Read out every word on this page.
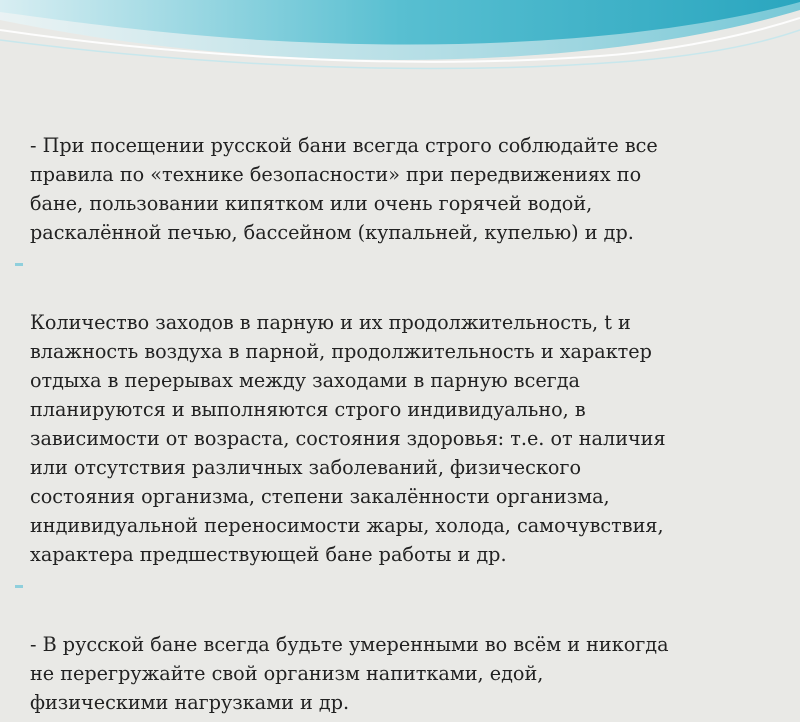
- При посещении русской бани всегда строго соблюдайте все
правила по «технике безопасности» при передвижениях по
бане, пользовании кипятком или очень горячей водой,
раскалённой печью, бассейном (купальней, купелью) и др.

Количество заходов в парную и их продолжительность, t и
влажность воздуха в парной, продолжительность и характер
отдыха в перерывах между заходами в парную всегда
планируются и выполняются строго индивидуально, в
зависимости от возраста, состояния здоровья: т.е. от наличия
или отсутствия различных заболеваний, физического
состояния организма, степени закалённости организма,
индивидуальной переносимости жары, холода, самочувствия,
характера предшествующей бане работы и др.

- В русской бане всегда будьте умеренными во всём и никогда
не перегружайте свой организм напитками, едой,
физическими нагрузками и др.
